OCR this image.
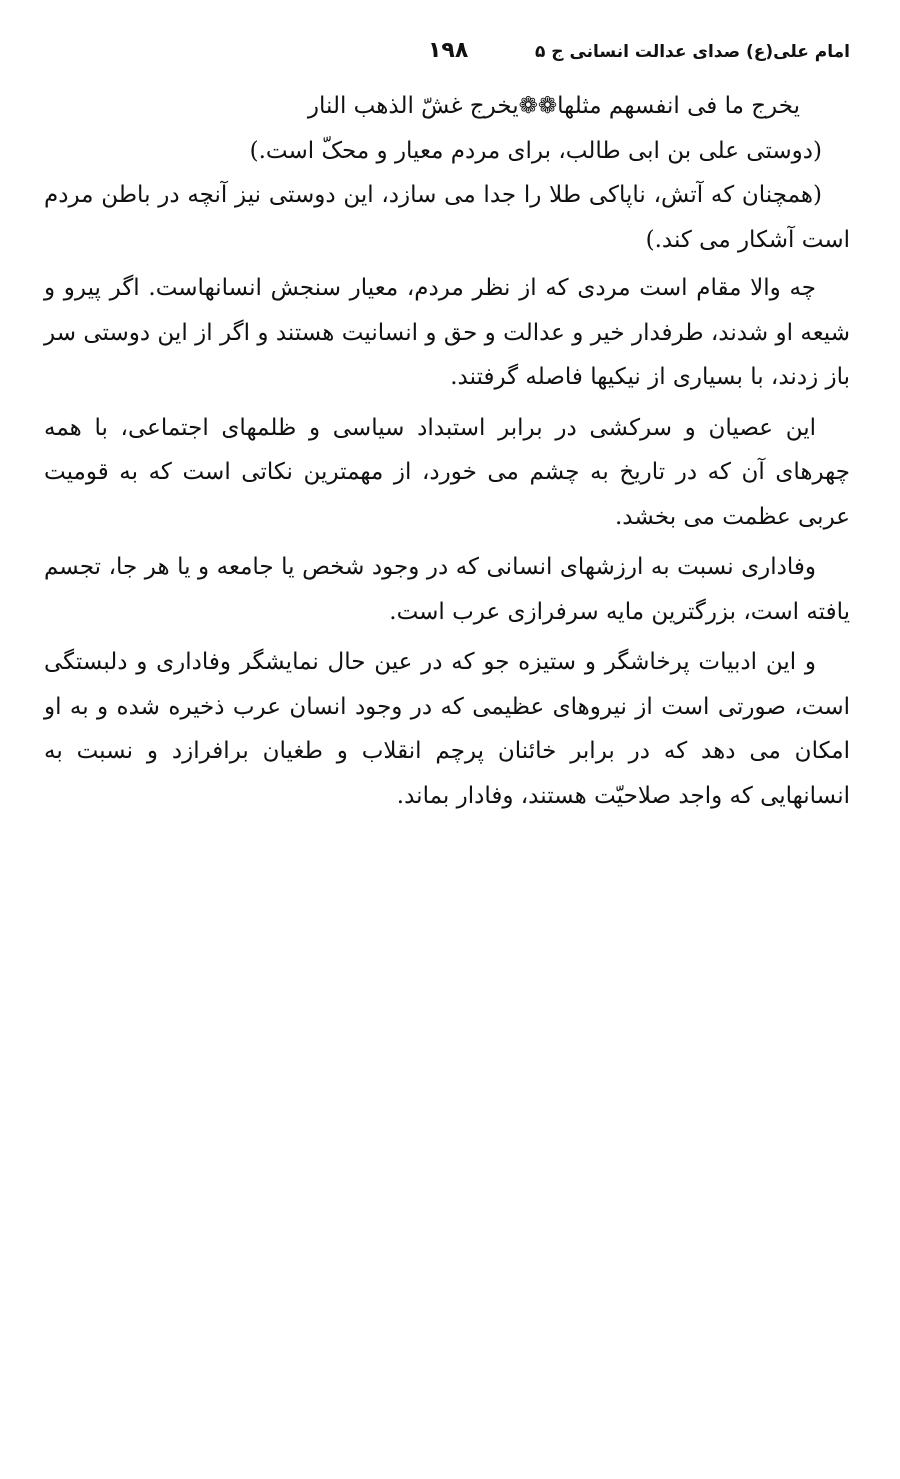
امام علی(ع) صدای عدالت انسانی ج ۵
۱۹۸

یخرج ما فی انفسهم مثلها❁❁یخرج غشّ الذهب النار

(دوستی علی بن ابی طالب، برای مردم معیار و محکّ است.)

(همچنان که آتش، ناپاکی طلا را جدا می سازد، این دوستی نیز آنچه در باطن مردم است آشکار می کند.)

چه والا مقام است مردی که از نظر مردم، معیار سنجش انسانهاست. اگر پیرو و شیعه او شدند، طرفدار خیر و عدالت و حق و انسانیت هستند و اگر از این دوستی سر باز زدند، با بسیاری از نیکیها فاصله گرفتند.

این عصیان و سرکشی در برابر استبداد سیاسی و ظلمهای اجتماعی، با همه چهرهای آن که در تاریخ به چشم می خورد، از مهمترین نکاتی است که به قومیت عربی عظمت می بخشد.

وفاداری نسبت به ارزشهای انسانی که در وجود شخص یا جامعه و یا هر جا، تجسم یافته است، بزرگترین مایه سرفرازی عرب است.

و این ادبیات پرخاشگر و ستیزه جو که در عین حال نمایشگر وفاداری و دلبستگی است، صورتی است از نیروهای عظیمی که در وجود انسان عرب ذخیره شده و به او امکان می دهد که در برابر خائنان پرچم انقلاب و طغیان برافرازد و نسبت به انسانهایی که واجد صلاحیّت هستند، وفادار بماند.
